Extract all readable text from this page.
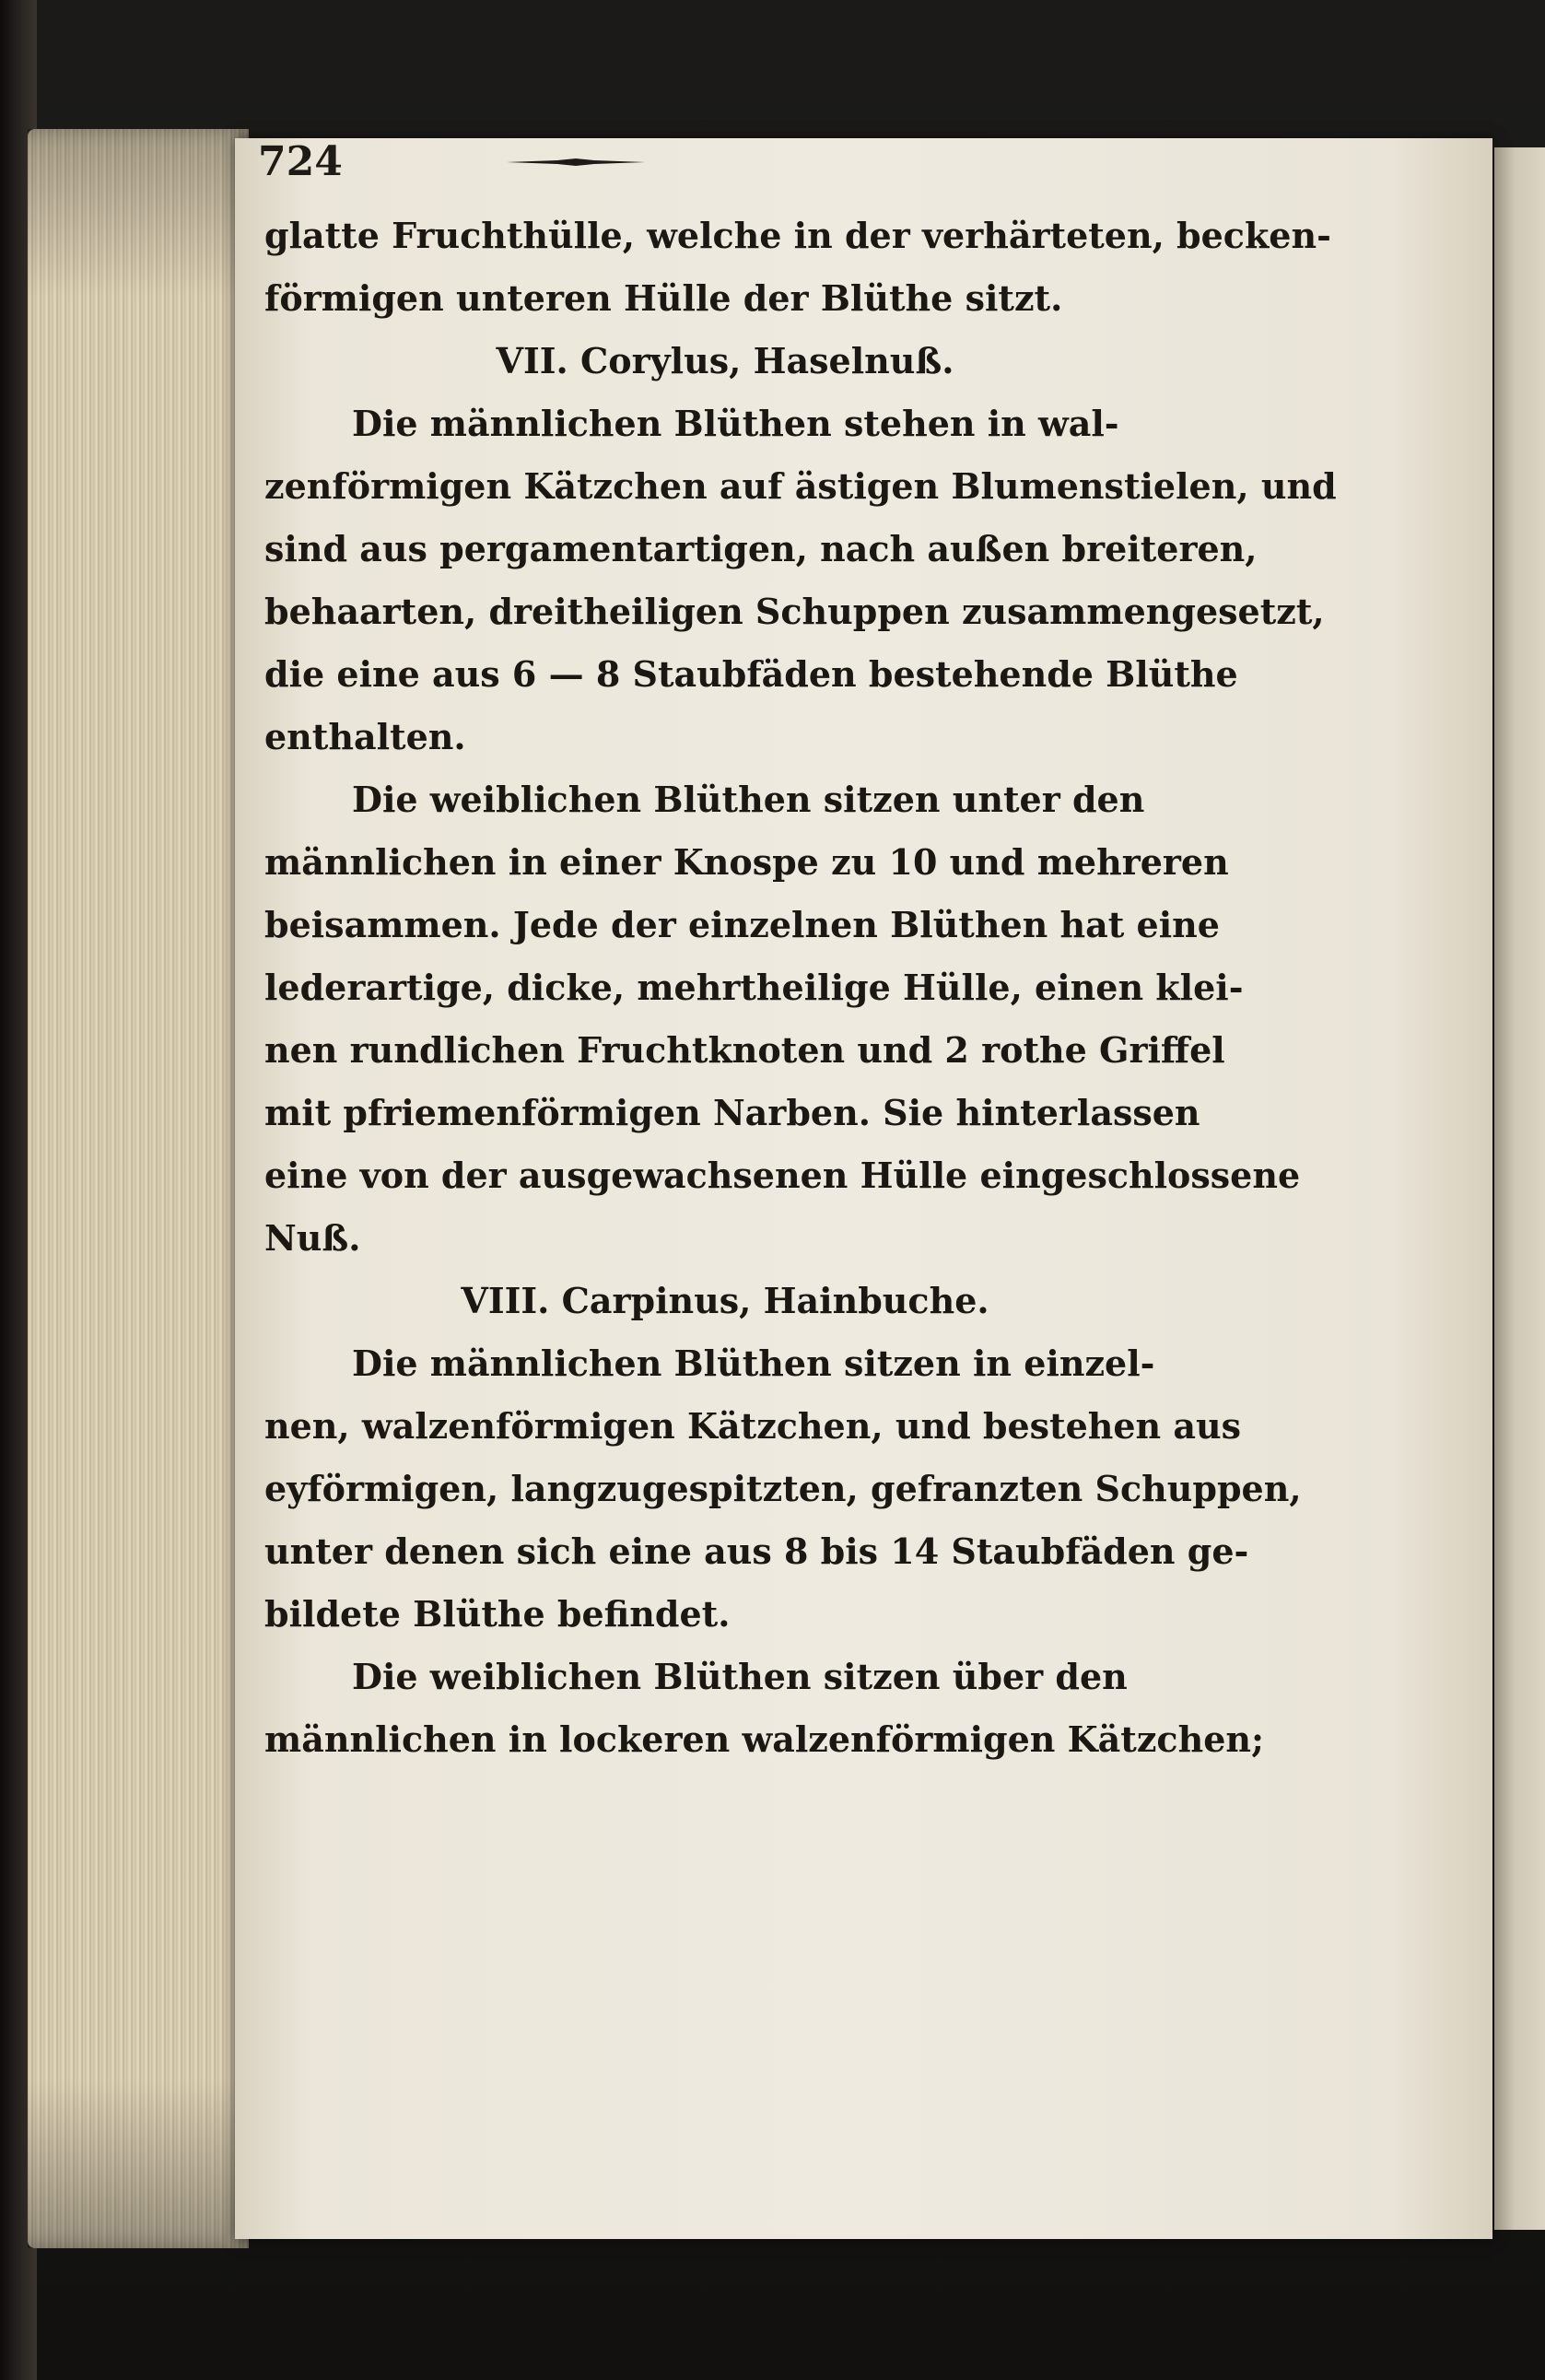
724
glatte Fruchthülle, welche in der verhärteten, becken-
förmigen unteren Hülle der Blüthe sitzt.
VII. Corylus, Haselnuß.
Die männlichen Blüthen stehen in wal-
zenförmigen Kätzchen auf ästigen Blumenstielen, und
sind aus pergamentartigen, nach außen breiteren,
behaarten, dreitheiligen Schuppen zusammengesetzt,
die eine aus 6 — 8 Staubfäden bestehende Blüthe
enthalten.
Die weiblichen Blüthen sitzen unter den
männlichen in einer Knospe zu 10 und mehreren
beisammen. Jede der einzelnen Blüthen hat eine
lederartige, dicke, mehrtheilige Hülle, einen klei-
nen rundlichen Fruchtknoten und 2 rothe Griffel
mit pfriemenförmigen Narben. Sie hinterlassen
eine von der ausgewachsenen Hülle eingeschlossene
Nuß.
VIII. Carpinus, Hainbuche.
Die männlichen Blüthen sitzen in einzel-
nen, walzenförmigen Kätzchen, und bestehen aus
eyförmigen, langzugespitzten, gefranzten Schuppen,
unter denen sich eine aus 8 bis 14 Staubfäden ge-
bildete Blüthe befindet.
Die weiblichen Blüthen sitzen über den
männlichen in lockeren walzenförmigen Kätzchen;
